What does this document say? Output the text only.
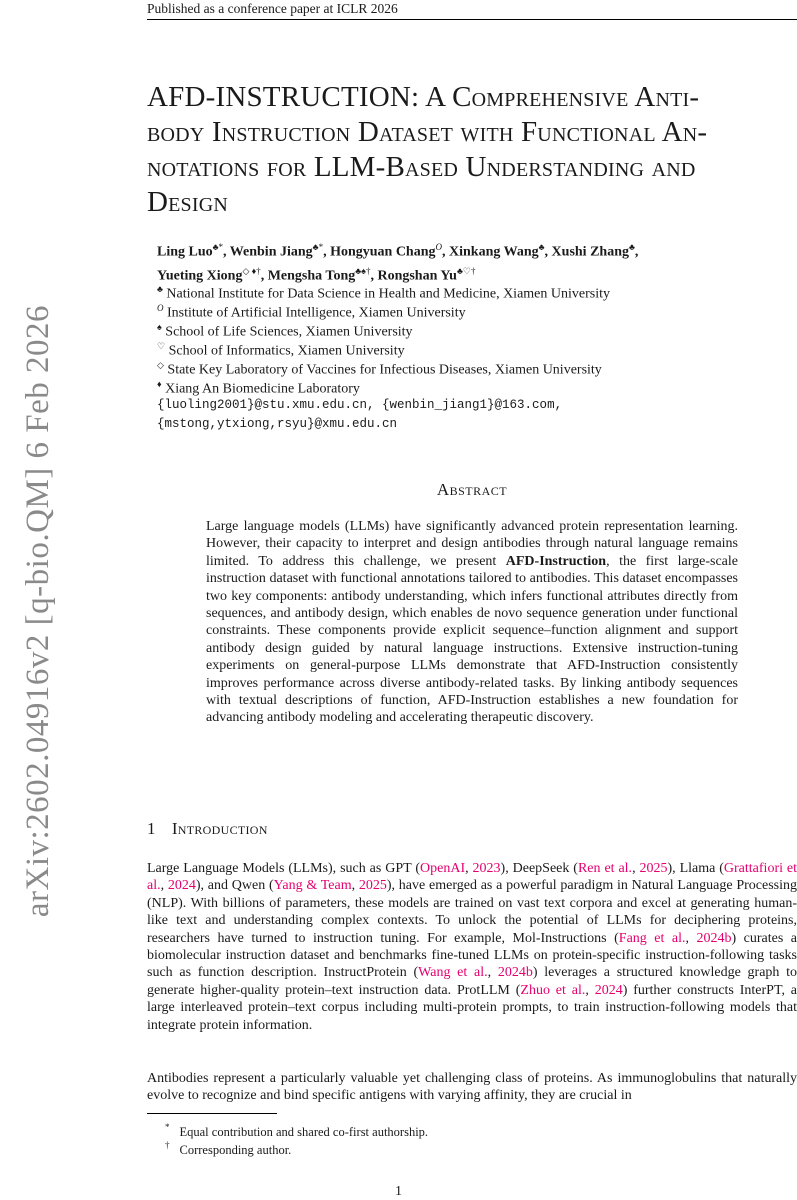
Published as a conference paper at ICLR 2026
arXiv:2602.04916v2 [q-bio.QM] 6 Feb 2026
AFD-INSTRUCTION: A Comprehensive Anti-
body Instruction Dataset with Functional An-
notations for LLM-Based Understanding and
Design
Ling Luo♣*, Wenbin Jiang♣*, Hongyuan Chang$^O$, Xinkang Wang♣, Xushi Zhang♣,
Yueting Xiong◇ ♦†, Mengsha Tong♣♠†, Rongshan Yu♣♡†
♣ National Institute for Data Science in Health and Medicine, Xiamen University
$^O$ Institute of Artificial Intelligence, Xiamen University
♠ School of Life Sciences, Xiamen University
♡ School of Informatics, Xiamen University
◇ State Key Laboratory of Vaccines for Infectious Diseases, Xiamen University
♦ Xiang An Biomedicine Laboratory
{luoling2001}@stu.xmu.edu.cn, {wenbin_jiang1}@163.com,
{mstong,ytxiong,rsyu}@xmu.edu.cn
Abstract
Large language models (LLMs) have significantly advanced protein representation learning. However, their capacity to interpret and design antibodies through natural language remains limited. To address this challenge, we present AFD-Instruction, the first large-scale instruction dataset with functional annotations tailored to antibodies. This dataset encompasses two key components: antibody understanding, which infers functional attributes directly from sequences, and antibody design, which enables de novo sequence generation under functional constraints. These components provide explicit sequence–function alignment and support antibody design guided by natural language instructions. Extensive instruction-tuning experiments on general-purpose LLMs demonstrate that AFD-Instruction consistently improves performance across diverse antibody-related tasks. By linking antibody sequences with textual descriptions of function, AFD-Instruction establishes a new foundation for advancing antibody modeling and accelerating therapeutic discovery.
1 Introduction
Large Language Models (LLMs), such as GPT (OpenAI, 2023), DeepSeek (Ren et al., 2025), Llama (Grattafiori et al., 2024), and Qwen (Yang & Team, 2025), have emerged as a powerful paradigm in Natural Language Processing (NLP). With billions of parameters, these models are trained on vast text corpora and excel at generating human-like text and understanding complex contexts. To unlock the potential of LLMs for deciphering proteins, researchers have turned to instruction tuning. For example, Mol-Instructions (Fang et al., 2024b) curates a biomolecular instruction dataset and benchmarks fine-tuned LLMs on protein-specific instruction-following tasks such as function description. InstructProtein (Wang et al., 2024b) leverages a structured knowledge graph to generate higher-quality protein–text instruction data. ProtLLM (Zhuo et al., 2024) further constructs InterPT, a large interleaved protein–text corpus including multi-protein prompts, to train instruction-following models that integrate protein information.
Antibodies represent a particularly valuable yet challenging class of proteins. As immunoglobulins that naturally evolve to recognize and bind specific antigens with varying affinity, they are crucial in
* Equal contribution and shared co-first authorship.
† Corresponding author.
1
